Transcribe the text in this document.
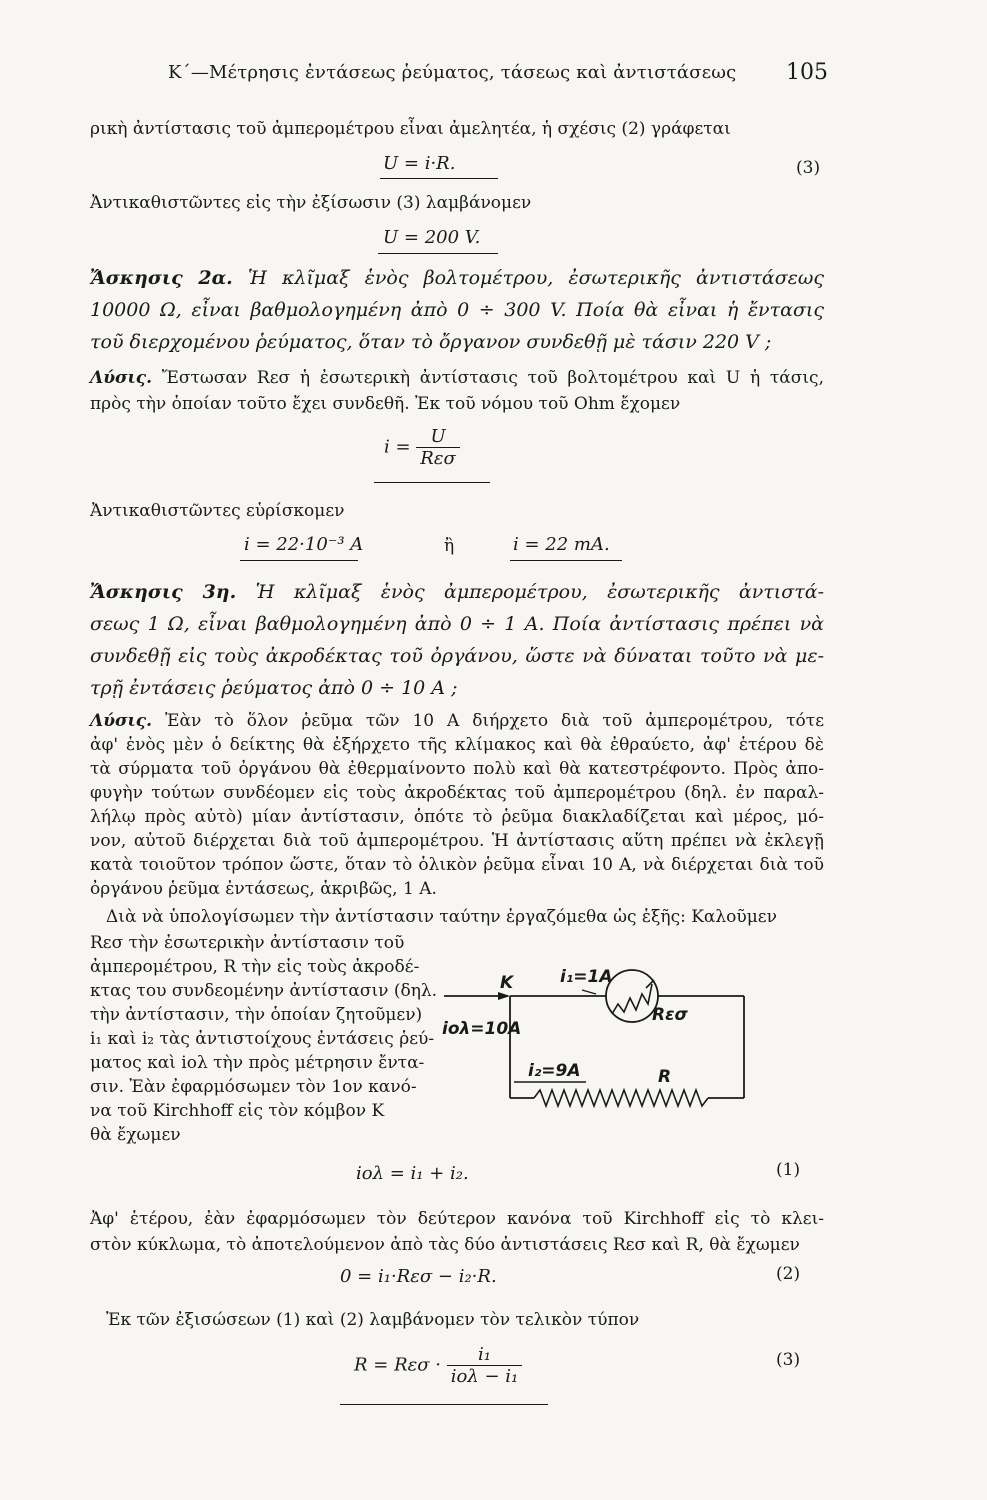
Κ΄—Μέτρησις ἐντάσεως ῥεύματος, τάσεως καὶ ἀντιστάσεως 105
ρικὴ ἀντίστασις τοῦ ἀμπερομέτρου εἶναι ἀμελητέα, ἡ σχέσις (2) γράφεται
U = i·R.	(3)
Ἀντικαθιστῶντες εἰς τὴν ἐξίσωσιν (3) λαμβάνομεν
U = 200 V.
Ἄσκησις 2α. Ἡ κλῖμαξ ἑνὸς βολτομέτρου, ἐσωτερικῆς ἀντιστάσεως
10000 Ω, εἶναι βαθμολογημένη ἀπὸ 0 ÷ 300 V. Ποία θὰ εἶναι ἡ ἔντασις
τοῦ διερχομένου ῥεύματος, ὅταν τὸ ὄργανον συνδεθῇ μὲ τάσιν 220 V ;
Λύσις. Ἔστωσαν Rεσ ἡ ἐσωτερικὴ ἀντίστασις τοῦ βολτομέτρου καὶ U ἡ τάσις,
πρὸς τὴν ὁποίαν τοῦτο ἔχει συνδεθῆ. Ἐκ τοῦ νόμου τοῦ Ohm ἔχομεν
$i = \frac{U}{\text{Rεσ}}$
Ἀντικαθιστῶντες εὑρίσκομεν
i = 22·10⁻³ A	ἢ	i = 22 mA.
Ἄσκησις 3η. Ἡ κλῖμαξ ἑνὸς ἀμπερομέτρου, ἐσωτερικῆς ἀντιστά-
σεως 1 Ω, εἶναι βαθμολογημένη ἀπὸ 0 ÷ 1 A. Ποία ἀντίστασις πρέπει νὰ
συνδεθῇ εἰς τοὺς ἀκροδέκτας τοῦ ὀργάνου, ὥστε νὰ δύναται τοῦτο νὰ με-
τρῇ ἐντάσεις ῥεύματος ἀπὸ 0 ÷ 10 A ;
Λύσις. Ἐὰν τὸ ὅλον ῥεῦμα τῶν 10 A διήρχετο διὰ τοῦ ἀμπερομέτρου, τότε
ἀφ' ἑνὸς μὲν ὁ δείκτης θὰ ἐξήρχετο τῆς κλίμακος καὶ θὰ ἐθραύετο, ἀφ' ἑτέρου δὲ
τὰ σύρματα τοῦ ὀργάνου θὰ ἐθερμαίνοντο πολὺ καὶ θὰ κατεστρέφοντο. Πρὸς ἀπο-
φυγὴν τούτων συνδέομεν εἰς τοὺς ἀκροδέκτας τοῦ ἀμπερομέτρου (δηλ. ἐν παραλ-
λήλῳ πρὸς αὐτὸ) μίαν ἀντίστασιν, ὁπότε τὸ ῥεῦμα διακλαδίζεται καὶ μέρος, μό-
νον, αὐτοῦ διέρχεται διὰ τοῦ ἀμπερομέτρου. Ἡ ἀντίστασις αὕτη πρέπει νὰ ἐκλεγῇ
κατὰ τοιοῦτον τρόπον ὥστε, ὅταν τὸ ὁλικὸν ῥεῦμα εἶναι 10 A, νὰ διέρχεται διὰ τοῦ
ὀργάνου ῥεῦμα ἐντάσεως, ἀκριβῶς, 1 A.
Διὰ νὰ ὑπολογίσωμεν τὴν ἀντίστασιν ταύτην ἐργαζόμεθα ὡς ἑξῆς: Καλοῦμεν
Rεσ τὴν ἐσωτερικὴν ἀντίστασιν τοῦ
ἀμπερομέτρου, R τὴν εἰς τοὺς ἀκροδέ-
κτας του συνδεομένην ἀντίστασιν (δηλ.
τὴν ἀντίστασιν, τὴν ὁποίαν ζητοῦμεν)
i₁ καὶ i₂ τὰς ἀντιστοίχους ἐντάσεις ῥεύ-
ματος καὶ iολ τὴν πρὸς μέτρησιν ἔντα-
σιν. Ἐὰν ἐφαρμόσωμεν τὸν 1ον κανό-
να τοῦ Kirchhoff εἰς τὸν κόμβον K
θὰ ἔχωμεν
K	i₁=1A
iολ=10A
i₂=9A
Rεσ
R
iολ = i₁ + i₂.	(1)
Ἀφ' ἑτέρου, ἐὰν ἐφαρμόσωμεν τὸν δεύτερον κανόνα τοῦ Kirchhoff εἰς τὸ κλει-
στὸν κύκλωμα, τὸ ἀποτελούμενον ἀπὸ τὰς δύο ἀντιστάσεις Rεσ καὶ R, θὰ ἔχωμεν
0 = i₁·Rεσ − i₂·R.	(2)
Ἐκ τῶν ἐξισώσεων (1) καὶ (2) λαμβάνομεν τὸν τελικὸν τύπον
$R = R\varepsilon\sigma \cdot \frac{\text{i₁}}{\text{iολ − i₁}}$	(3)
